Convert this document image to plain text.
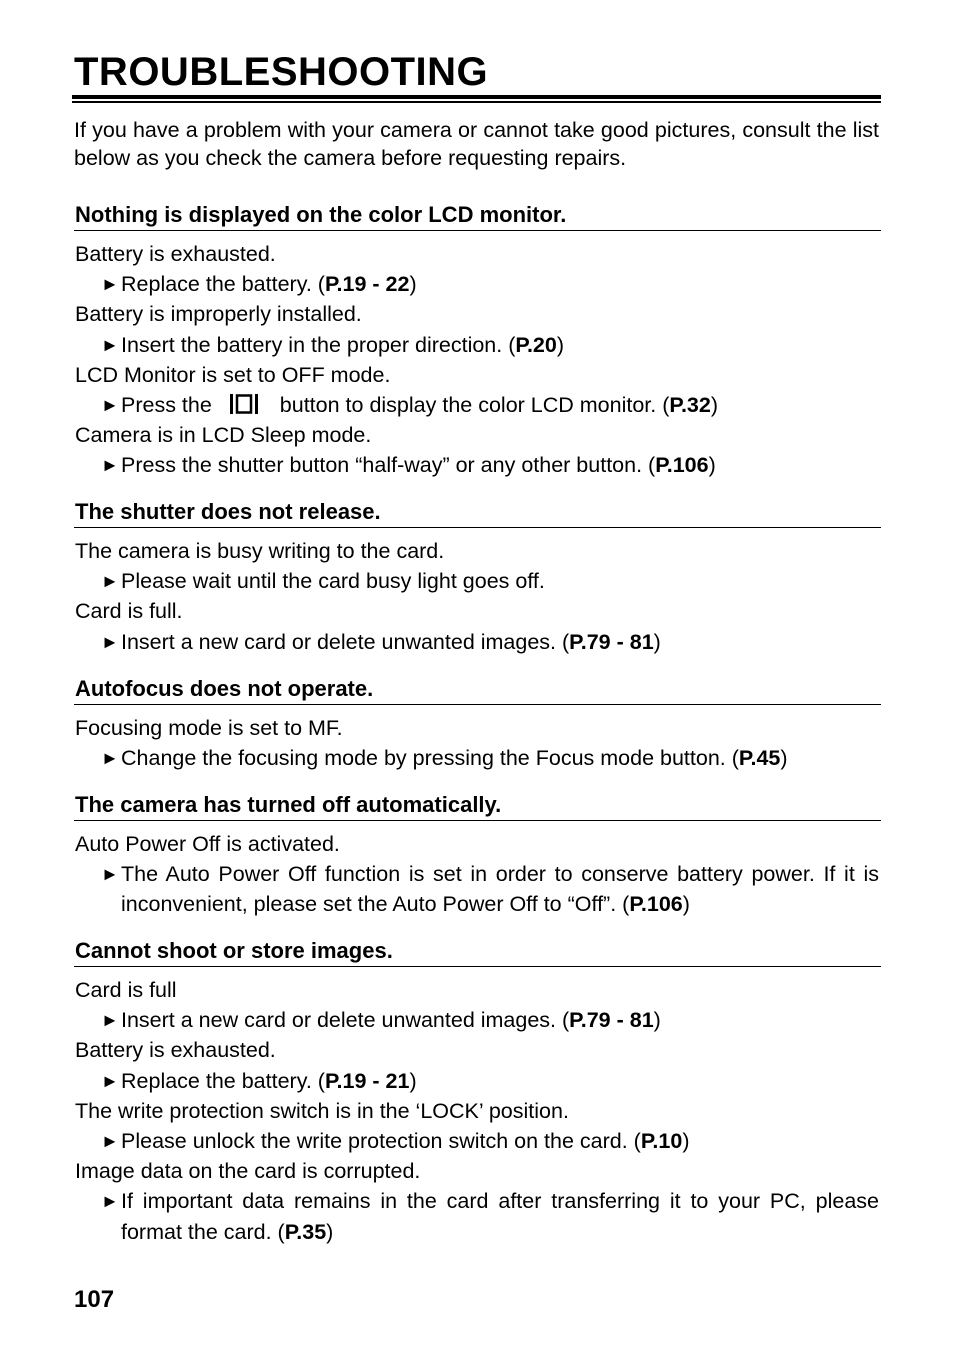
TROUBLESHOOTING
If you have a problem with your camera or cannot take good pictures, consult the list below as you check the camera before requesting repairs.
Nothing is displayed on the color LCD monitor.
Battery is exhausted.
► Replace the battery. (P.19 - 22)
Battery is improperly installed.
► Insert the battery in the proper direction. (P.20)
LCD Monitor is set to OFF mode.
► Press the	button to display the color LCD monitor. (P.32)
Camera is in LCD Sleep mode.
► Press the shutter button “half-way” or any other button. (P.106)
The shutter does not release.
The camera is busy writing to the card.
► Please wait until the card busy light goes off.
Card is full.
► Insert a new card or delete unwanted images. (P.79 - 81)
Autofocus does not operate.
Focusing mode is set to MF.
► Change the focusing mode by pressing the Focus mode button. (P.45)
The camera has turned off automatically.
Auto Power Off is activated.
► The Auto Power Off function is set in order to conserve battery power. If it is inconvenient, please set the Auto Power Off to “Off”. (P.106)
Cannot shoot or store images.
Card is full
► Insert a new card or delete unwanted images. (P.79 - 81)
Battery is exhausted.
► Replace the battery. (P.19 - 21)
The write protection switch is in the ‘LOCK’ position.
► Please unlock the write protection switch on the card. (P.10)
Image data on the card is corrupted.
► If important data remains in the card after transferring it to your PC, please format the card. (P.35)
107
